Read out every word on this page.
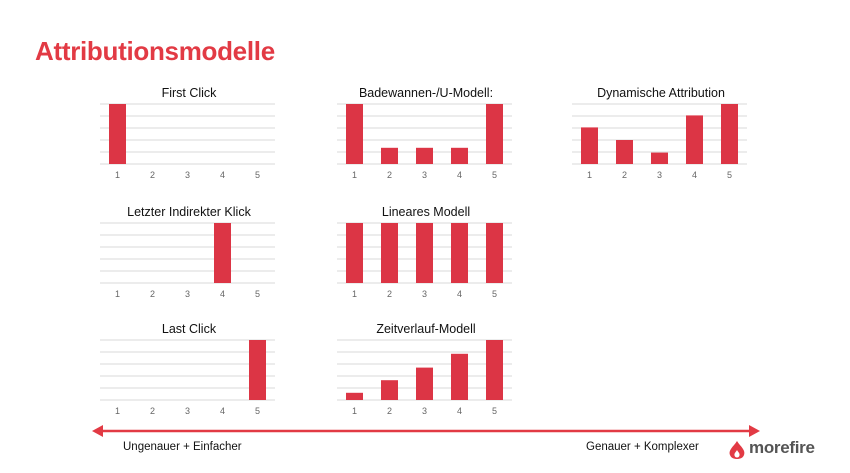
Attributionsmodelle
First Click
1	2	3	4	5
Badewannen-/U-Modell:
1	2	3	4	5
Dynamische Attribution
1	2	3	4	5
Letzter Indirekter Klick
1	2	3	4	5
Lineares Modell
1	2	3	4	5
Last Click
1	2	3	4	5
Zeitverlauf-Modell
1	2	3	4	5
Ungenauer + Einfacher	Genauer + Komplexer	morefire
